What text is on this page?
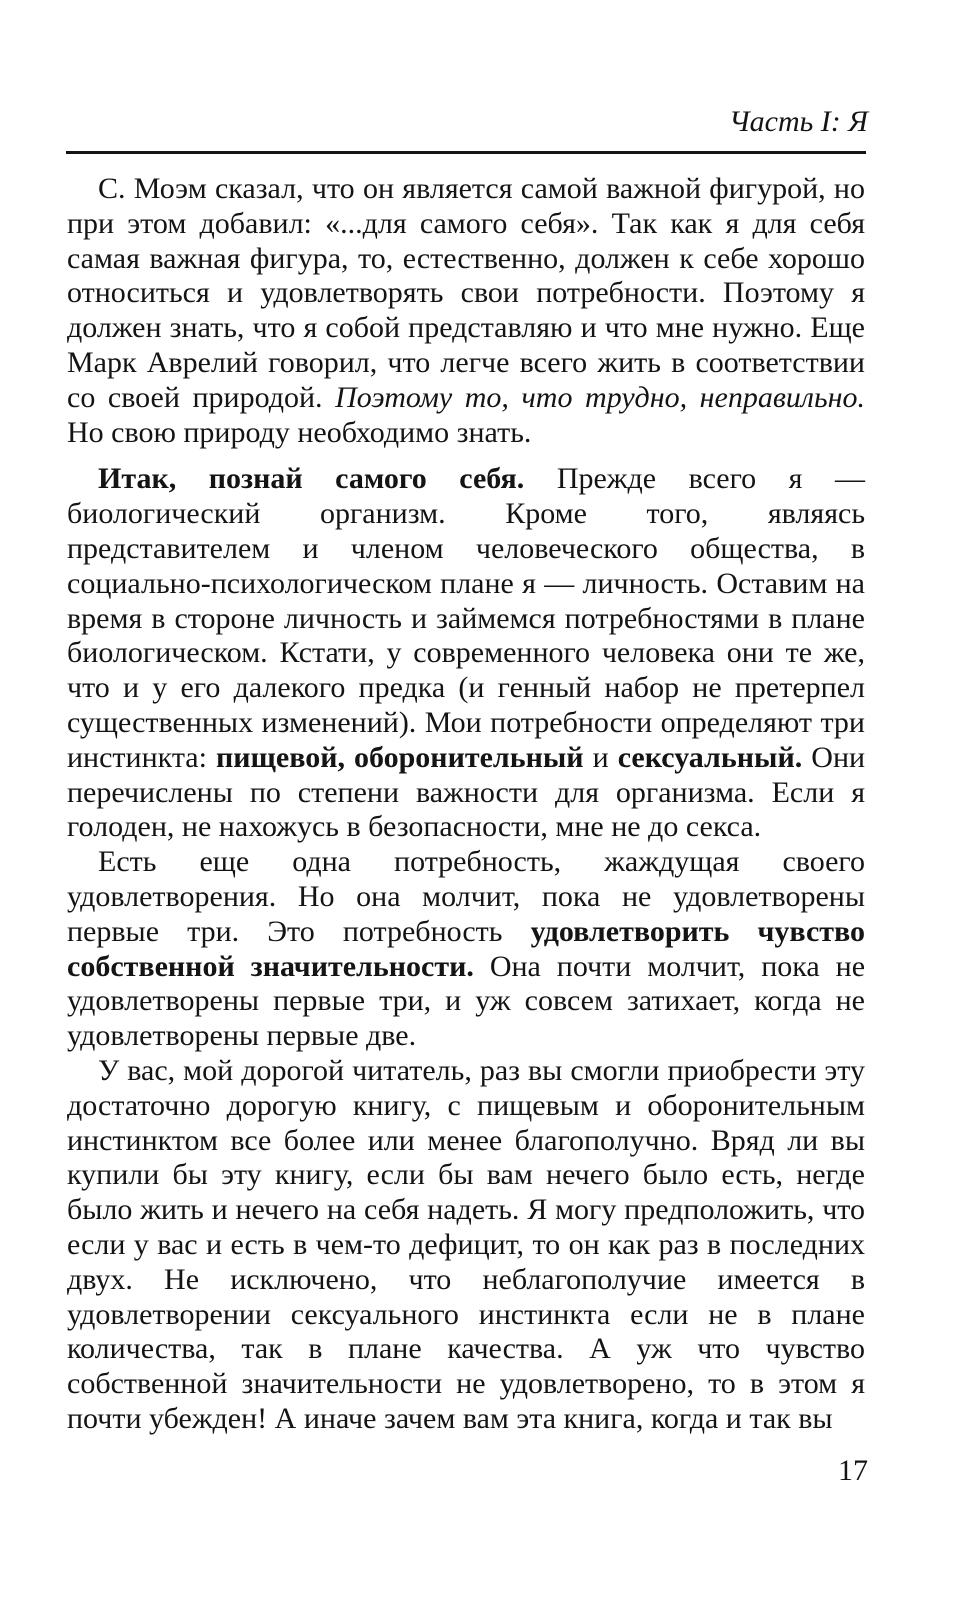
Часть I: Я

С. Моэм сказал, что он является самой важной фигурой, но при этом добавил: «...для самого себя». Так как я для себя самая важная фигура, то, естественно, должен к себе хорошо относиться и удовлетворять свои потребности. Поэтому я должен знать, что я собой представляю и что мне нужно. Еще Марк Аврелий говорил, что легче всего жить в соответствии со своей природой. Поэтому то, что трудно, неправильно. Но свою природу необходимо знать.

Итак, познай самого себя. Прежде всего я — биологический организм. Кроме того, являясь представителем и членом человеческого общества, в социально-психологическом плане я — личность. Оставим на время в стороне личность и займемся потребностями в плане биологическом. Кстати, у современного человека они те же, что и у его далекого предка (и генный набор не претерпел существенных изменений). Мои потребности определяют три инстинкта: пищевой, оборонительный и сексуальный. Они перечислены по степени важности для организма. Если я голоден, не нахожусь в безопасности, мне не до секса.

Есть еще одна потребность, жаждущая своего удовлетворения. Но она молчит, пока не удовлетворены первые три. Это потребность удовлетворить чувство собственной значительности. Она почти молчит, пока не удовлетворены первые три, и уж совсем затихает, когда не удовлетворены первые две.

У вас, мой дорогой читатель, раз вы смогли приобрести эту достаточно дорогую книгу, с пищевым и оборонительным инстинктом все более или менее благополучно. Вряд ли вы купили бы эту книгу, если бы вам нечего было есть, негде было жить и нечего на себя надеть. Я могу предположить, что если у вас и есть в чем-то дефицит, то он как раз в последних двух. Не исключено, что неблагополучие имеется в удовлетворении сексуального инстинкта если не в плане количества, так в плане качества. А уж что чувство собственной значительности не удовлетворено, то в этом я почти убежден! А иначе зачем вам эта книга, когда и так вы

17
